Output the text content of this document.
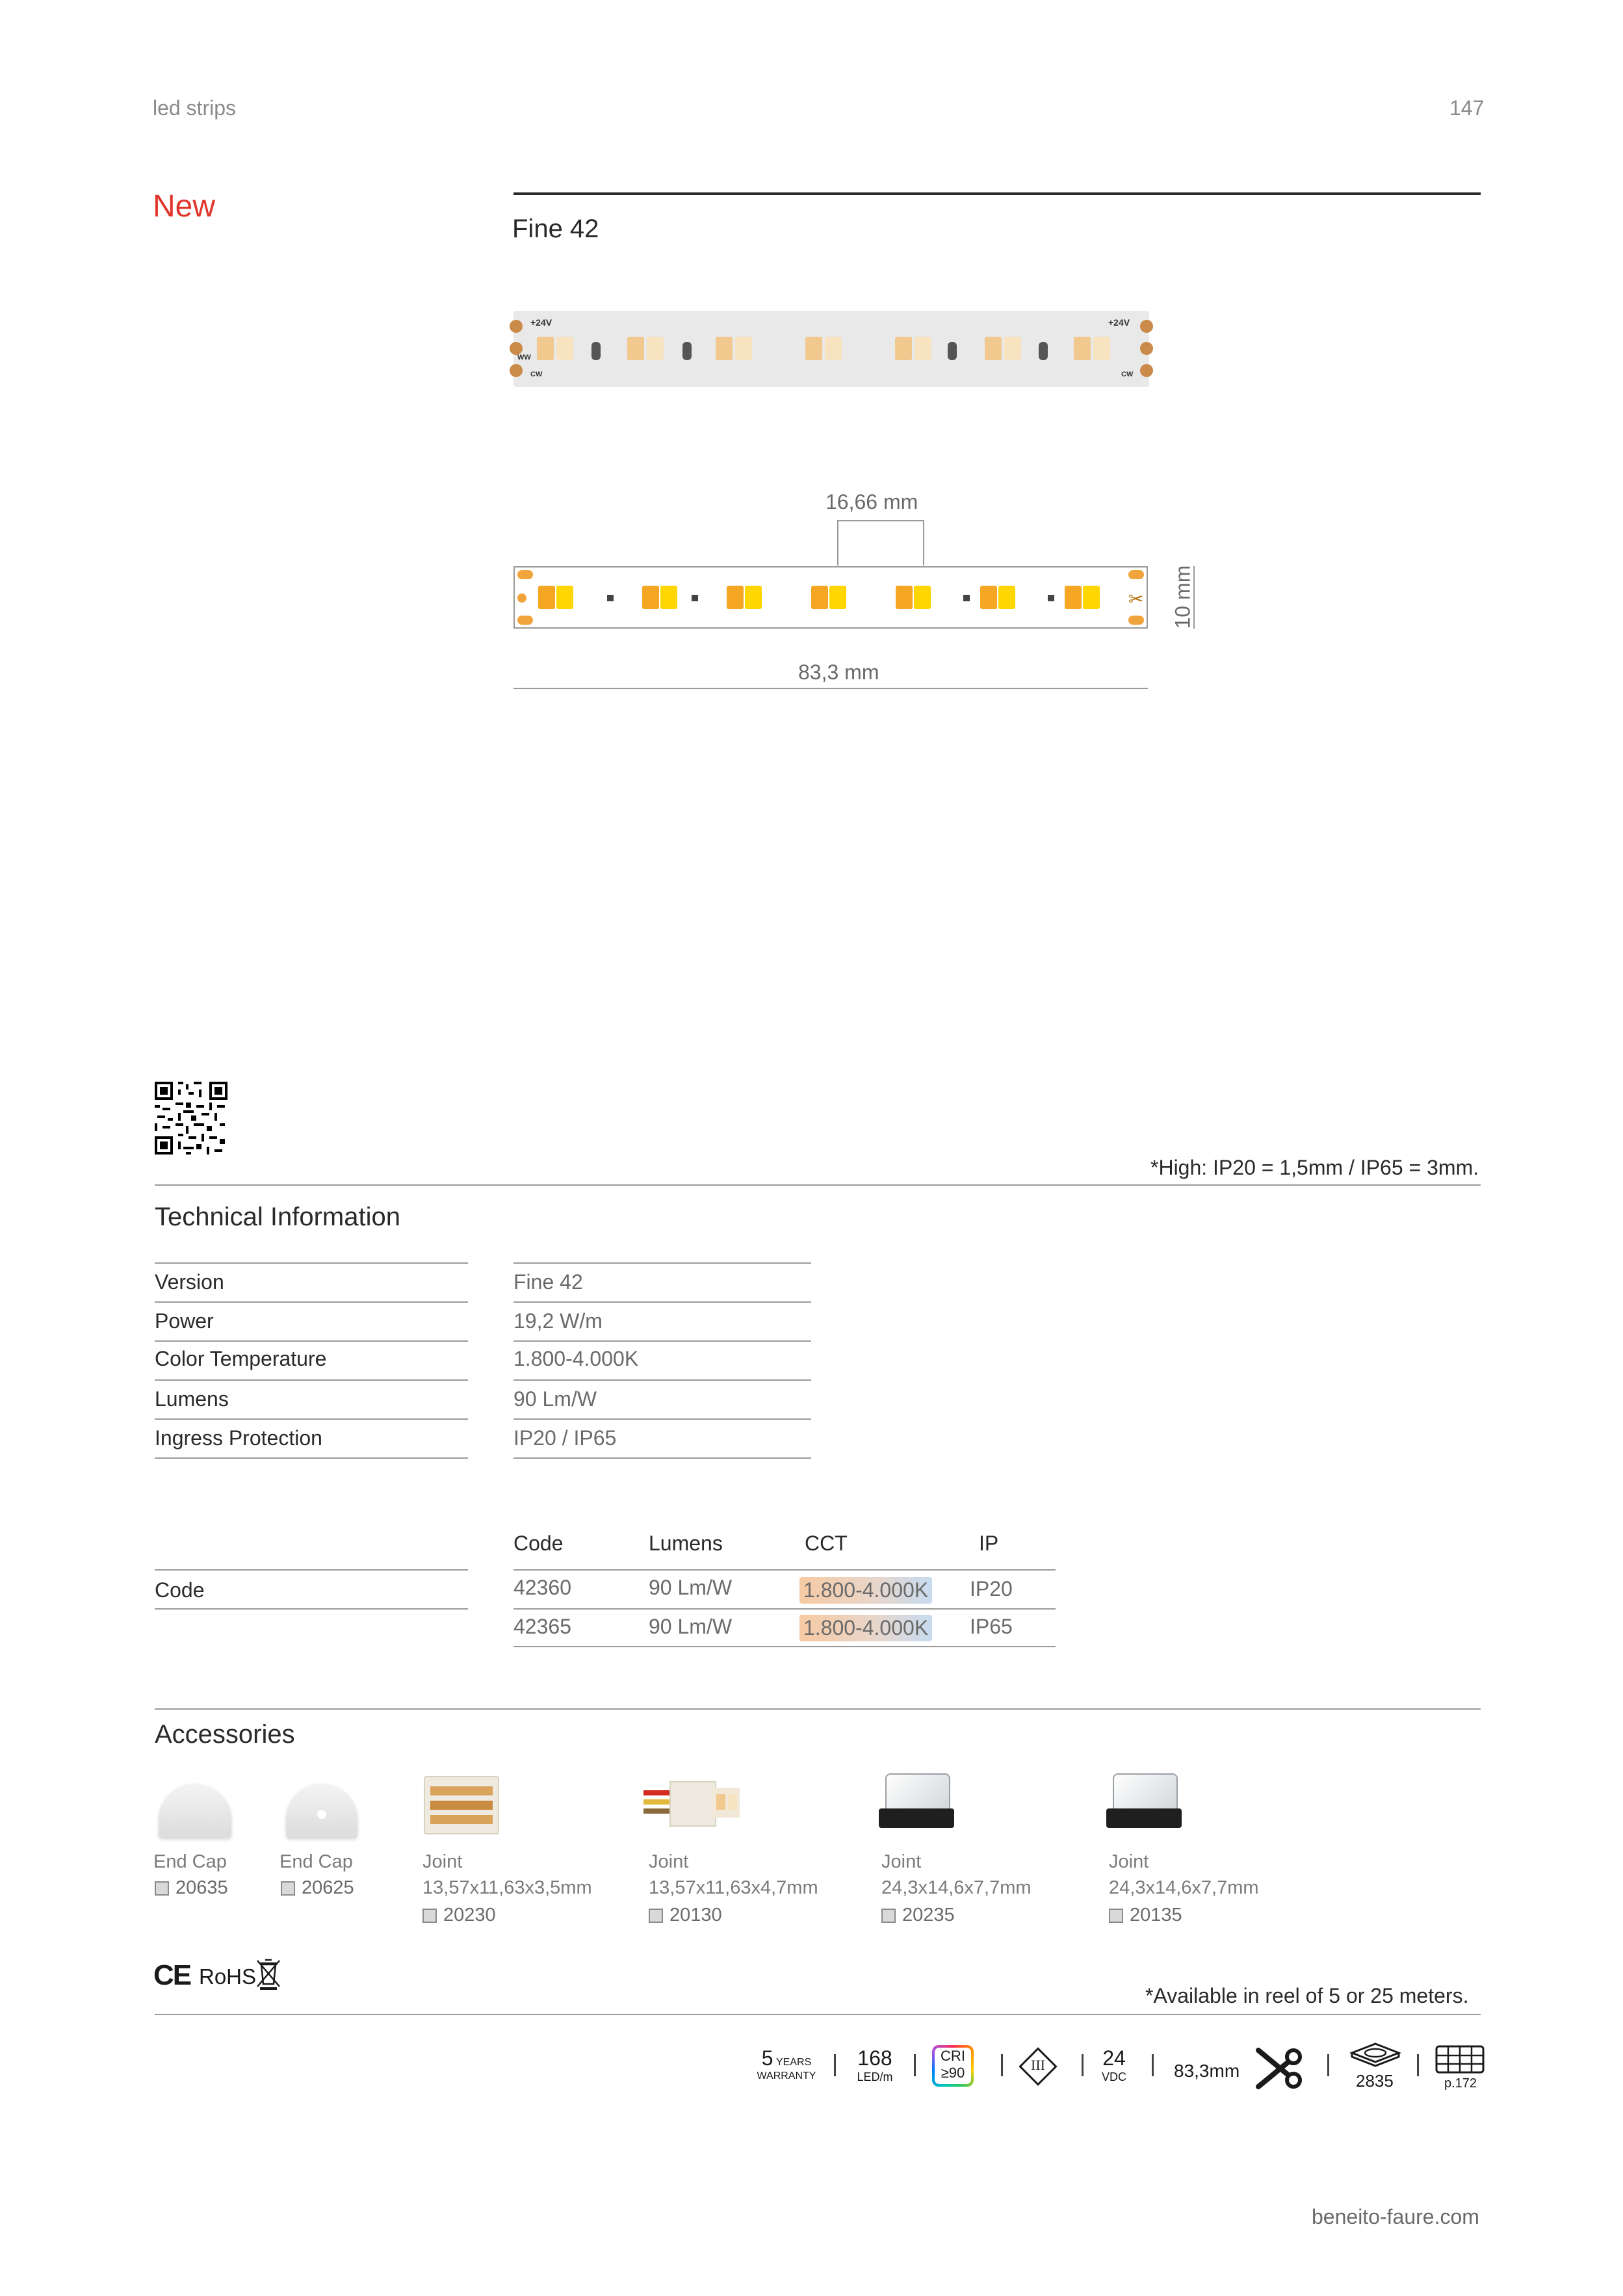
led strips	147
New
Fine 42
+24V	+24V
WW
CW	CW
16,66 mm
✂ 10 mm
83,3 mm
*High: IP20 = 1,5mm / IP65 = 3mm.
Technical Information
Version	Fine 42
Power	19,2 W/m
Color Temperature	1.800-4.000K
Lumens	90 Lm/W
Ingress Protection	IP20 / IP65
Code	Lumens	CCT	IP
Code	42360	90 Lm/W	1.800-4.000K IP20
42365	90 Lm/W	1.800-4.000K IP65
Accessories
End Cap
20635
End Cap
20625
Joint
13,57x11,63x3,5mm
20230
Joint
13,57x11,63x4,7mm
20130
Joint
24,3x14,6x7,7mm
20235
Joint
24,3x14,6x7,7mm
20135
CE RoHS
*Available in reel of 5 or 25 meters.
5 YEARS
WARRANTY
168
LED/m
CRI
≥90	III	24
VDC	83,3mm	2835	p.172
beneito-faure.com
